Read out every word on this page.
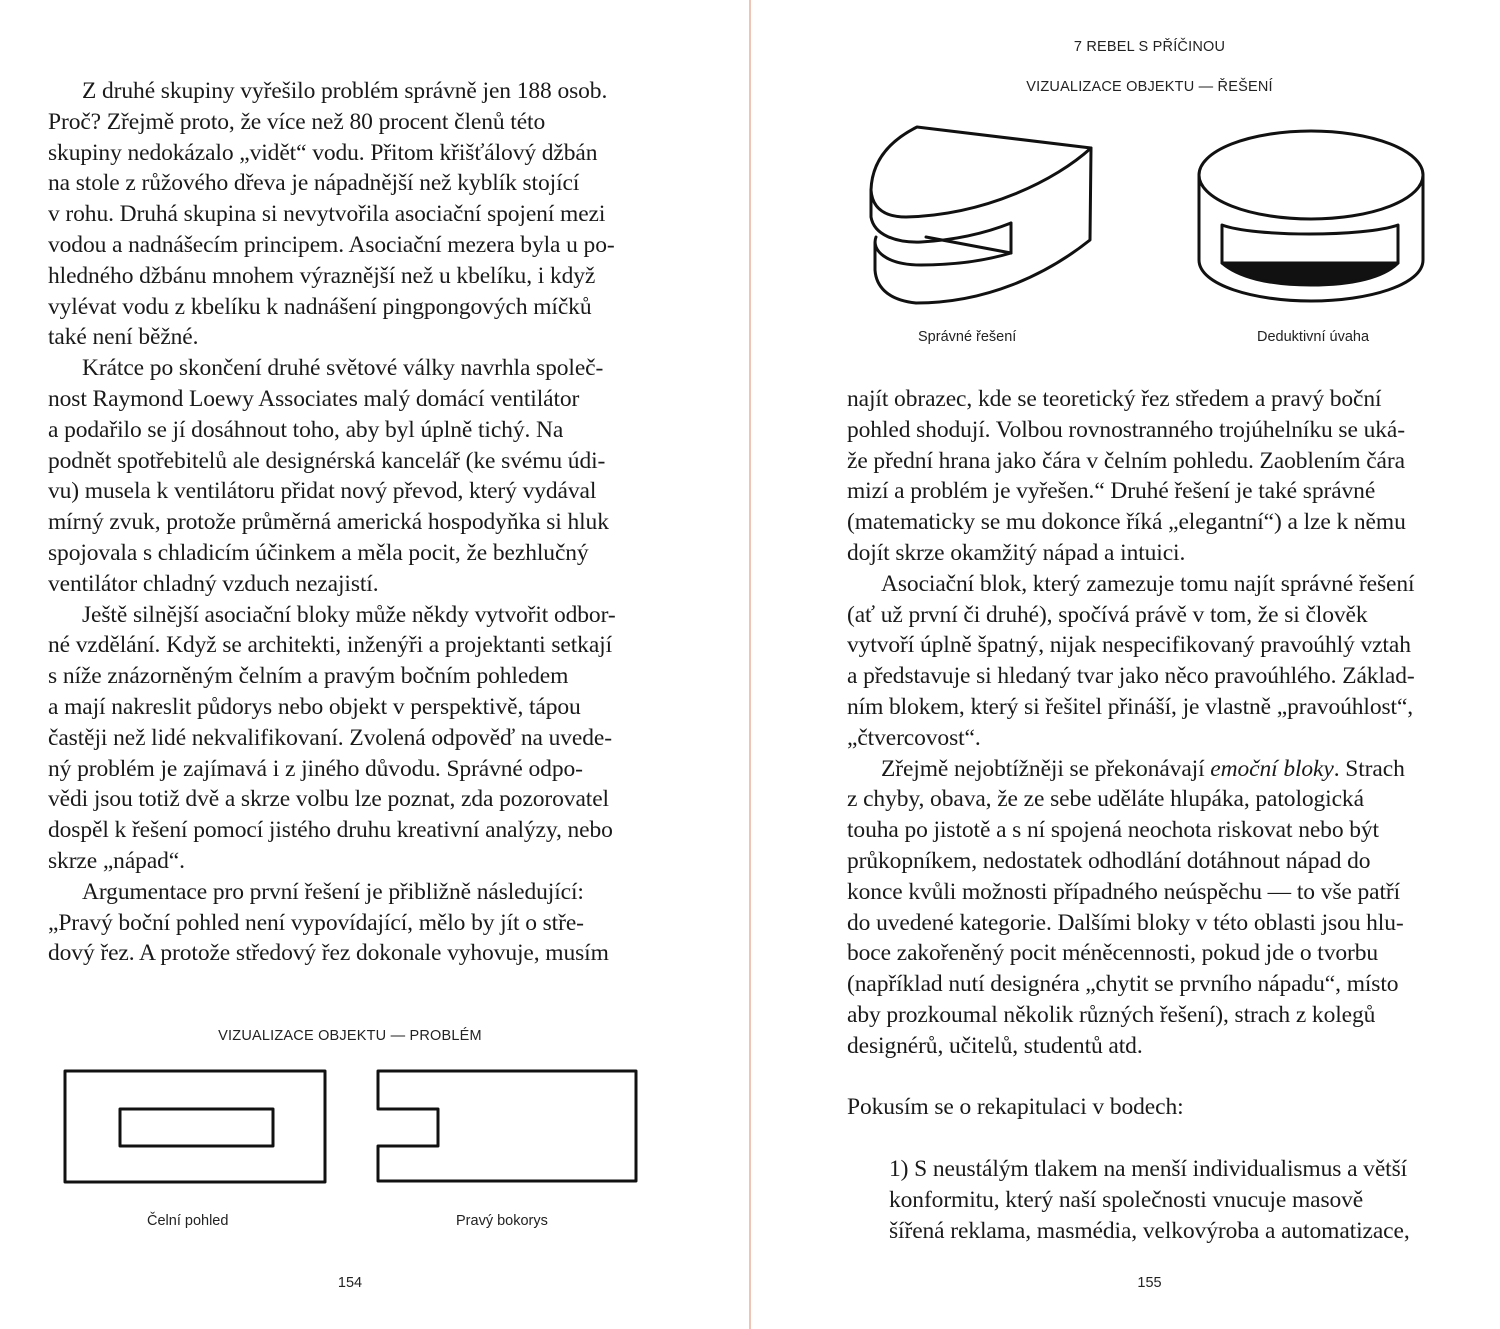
Z druhé skupiny vyřešilo problém správně jen 188 osob.
Proč? Zřejmě proto, že více než 80 procent členů této
skupiny nedokázalo „vidět“ vodu. Přitom křišťálový džbán
na stole z růžového dřeva je nápadnější než kyblík stojící
v rohu. Druhá skupina si nevytvořila asociační spojení mezi
vodou a nadnášecím principem. Asociační mezera byla u po-
hledného džbánu mnohem výraznější než u kbelíku, i když
vylévat vodu z kbelíku k nadnášení pingpongových míčků
také není běžné.
Krátce po skončení druhé světové války navrhla společ-
nost Raymond Loewy Associates malý domácí ventilátor
a podařilo se jí dosáhnout toho, aby byl úplně tichý. Na
podnět spotřebitelů ale designérská kancelář (ke svému údi-
vu) musela k ventilátoru přidat nový převod, který vydával
mírný zvuk, protože průměrná americká hospodyňka si hluk
spojovala s chladicím účinkem a měla pocit, že bezhlučný
ventilátor chladný vzduch nezajistí.
Ještě silnější asociační bloky může někdy vytvořit odbor-
né vzdělání. Když se architekti, inženýři a projektanti setkají
s níže znázorněným čelním a pravým bočním pohledem
a mají nakreslit půdorys nebo objekt v perspektivě, tápou
častěji než lidé nekvalifikovaní. Zvolená odpověď na uvede-
ný problém je zajímavá i z jiného důvodu. Správné odpo-
vědi jsou totiž dvě a skrze volbu lze poznat, zda pozorovatel
dospěl k řešení pomocí jistého druhu kreativní analýzy, nebo
skrze „nápad“.
Argumentace pro první řešení je přibližně následující:
„Pravý boční pohled není vypovídající, mělo by jít o stře-
dový řez. A protože středový řez dokonale vyhovuje, musím
VIZUALIZACE OBJEKTU — PROBLÉM
Čelní pohled	Pravý bokorys
154
7 REBEL S PŘÍČINOU
VIZUALIZACE OBJEKTU — ŘEŠENÍ
Správné řešení	Deduktivní úvaha
najít obrazec, kde se teoretický řez středem a pravý boční
pohled shodují. Volbou rovnostranného trojúhelníku se uká-
že přední hrana jako čára v čelním pohledu. Zaoblením čára
mizí a problém je vyřešen.“ Druhé řešení je také správné
(matematicky se mu dokonce říká „elegantní“) a lze k němu
dojít skrze okamžitý nápad a intuici.
Asociační blok, který zamezuje tomu najít správné řešení
(ať už první či druhé), spočívá právě v tom, že si člověk
vytvoří úplně špatný, nijak nespecifikovaný pravoúhlý vztah
a představuje si hledaný tvar jako něco pravoúhlého. Základ-
ním blokem, který si řešitel přináší, je vlastně „pravoúhlost“,
„čtvercovost“.
Zřejmě nejobtížněji se překonávají emoční bloky. Strach
z chyby, obava, že ze sebe uděláte hlupáka, patologická
touha po jistotě a s ní spojená neochota riskovat nebo být
průkopníkem, nedostatek odhodlání dotáhnout nápad do
konce kvůli možnosti případného neúspěchu — to vše patří
do uvedené kategorie. Dalšími bloky v této oblasti jsou hlu-
boce zakořeněný pocit méněcennosti, pokud jde o tvorbu
(například nutí designéra „chytit se prvního nápadu“, místo
aby prozkoumal několik různých řešení), strach z kolegů
designérů, učitelů, studentů atd.
Pokusím se o rekapitulaci v bodech:
1) S neustálým tlakem na menší individualismus a větší
konformitu, který naší společnosti vnucuje masově
šířená reklama, masmédia, velkovýroba a automatizace,
155
